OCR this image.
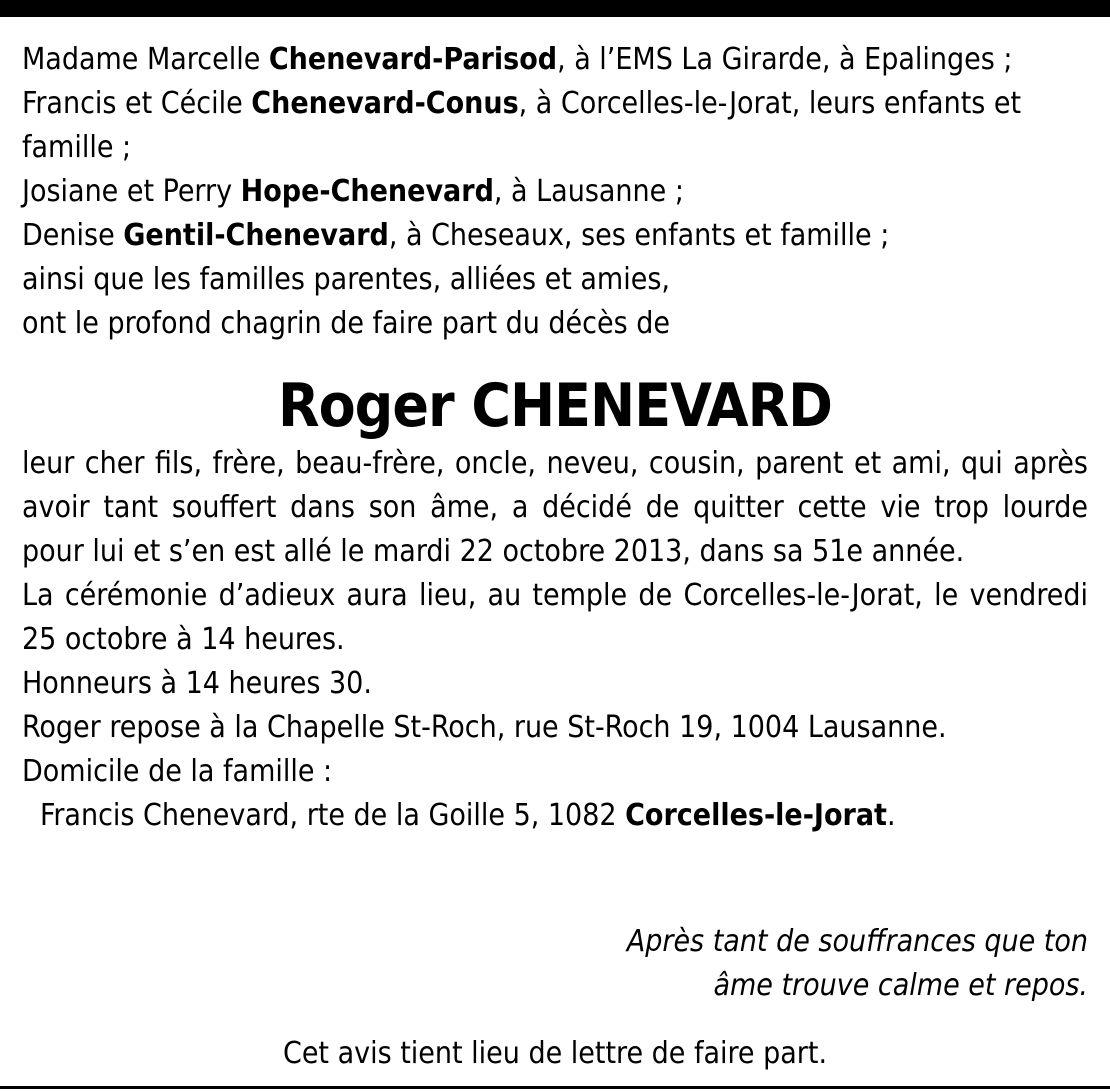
Madame Marcelle Chenevard-Parisod, à l’EMS La Girarde, à Epalinges ;
Francis et Cécile Chenevard-Conus, à Corcelles-le-Jorat, leurs enfants et famille ;
Josiane et Perry Hope-Chenevard, à Lausanne ;
Denise Gentil-Chenevard, à Cheseaux, ses enfants et famille ;
ainsi que les familles parentes, alliées et amies,
ont le profond chagrin de faire part du décès de
Roger CHENEVARD
leur cher fils, frère, beau-frère, oncle, neveu, cousin, parent et ami, qui après avoir tant souffert dans son âme, a décidé de quitter cette vie trop lourde pour lui et s’en est allé le mardi 22 octobre 2013, dans sa 51e année.
La cérémonie d’adieux aura lieu, au temple de Corcelles-le-Jorat, le vendredi 25 octobre à 14 heures.
Honneurs à 14 heures 30.
Roger repose à la Chapelle St-Roch, rue St-Roch 19, 1004 Lausanne.
Domicile de la famille :
Francis Chenevard, rte de la Goille 5, 1082 Corcelles-le-Jorat.
Après tant de souffrances que ton
âme trouve calme et repos.
Cet avis tient lieu de lettre de faire part.
